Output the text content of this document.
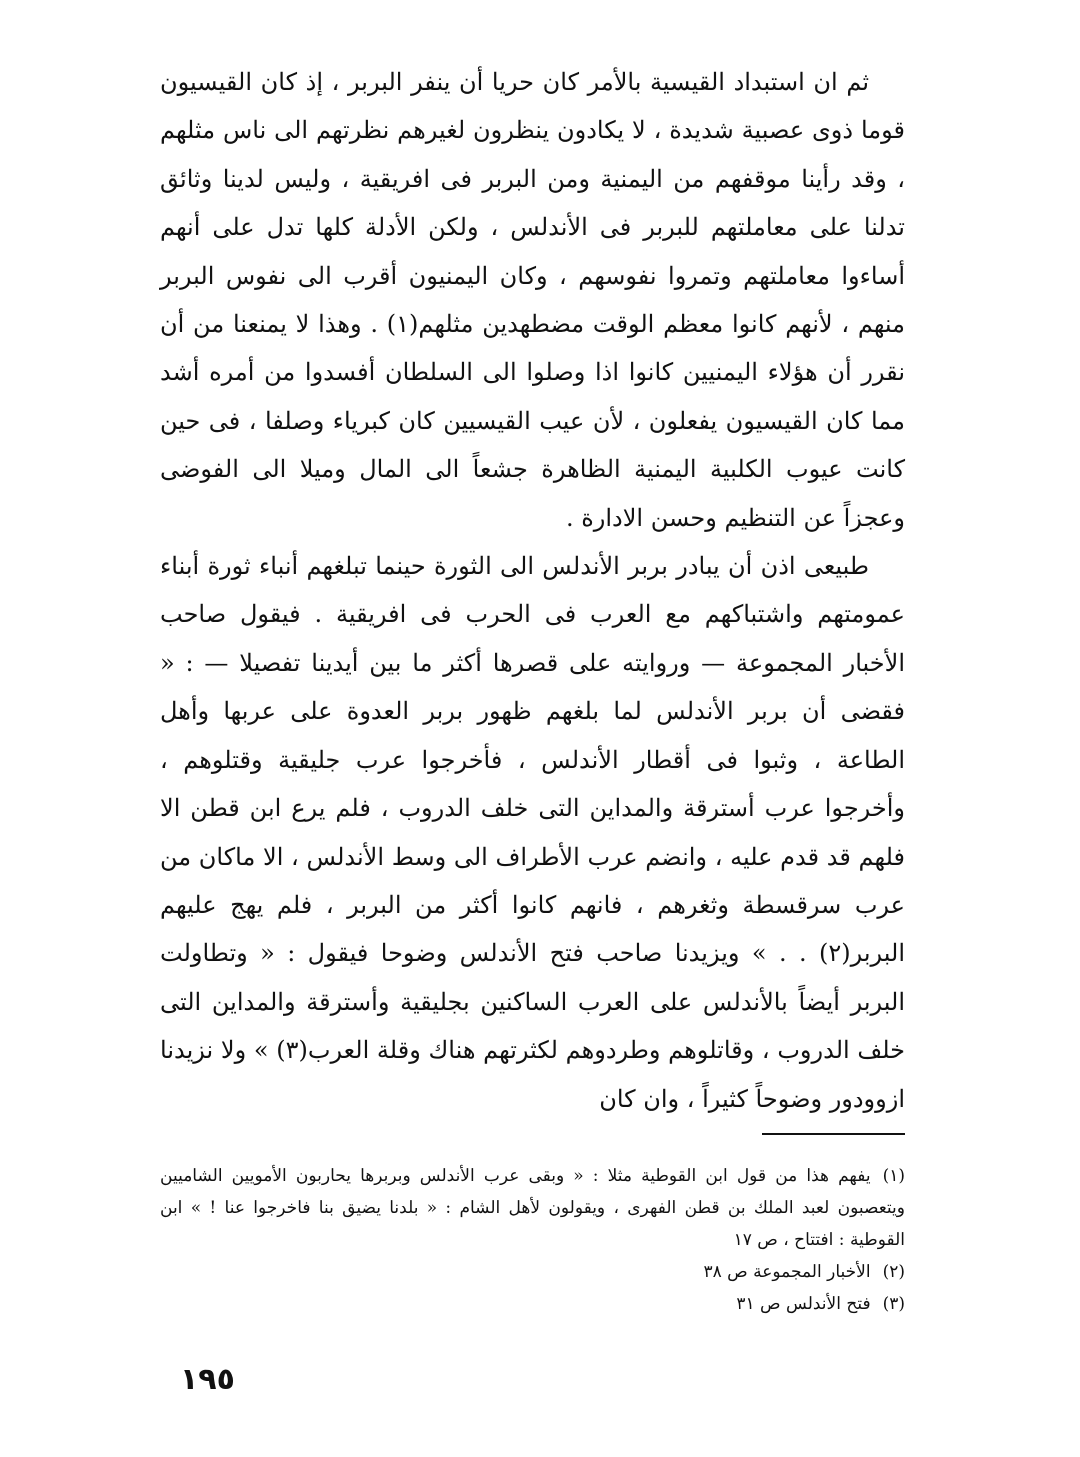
ثم ان استبداد القيسية بالأمر كان حريا أن ينفر البربر ، إذ كان القيسيون قوما ذوى عصبية شديدة ، لا يكادون ينظرون لغيرهم نظرتهم الى ناس مثلهم ، وقد رأينا موقفهم من اليمنية ومن البربر فى افريقية ، وليس لدينا وثائق تدلنا على معاملتهم للبربر فى الأندلس ، ولكن الأدلة كلها تدل على أنهم أساءوا معاملتهم وتمروا نفوسهم ، وكان اليمنيون أقرب الى نفوس البربر منهم ، لأنهم كانوا معظم الوقت مضطهدين مثلهم(١) . وهذا لا يمنعنا من أن نقرر أن هؤلاء اليمنيين كانوا اذا وصلوا الى السلطان أفسدوا من أمره أشد مما كان القيسيون يفعلون ، لأن عيب القيسيين كان كبرياء وصلفا ، فى حين كانت عيوب الكلبية اليمنية الظاهرة جشعاً الى المال وميلا الى الفوضى وعجزاً عن التنظيم وحسن الادارة .

طبيعى اذن أن يبادر بربر الأندلس الى الثورة حينما تبلغهم أنباء ثورة أبناء عمومتهم واشتباكهم مع العرب فى الحرب فى افريقية . فيقول صاحب الأخبار المجموعة — وروايته على قصرها أكثر ما بين أيدينا تفصيلا — : « فقضى أن بربر الأندلس لما بلغهم ظهور بربر العدوة على عربها وأهل الطاعة ، وثبوا فى أقطار الأندلس ، فأخرجوا عرب جليقية وقتلوهم ، وأخرجوا عرب أسترقة والمداين التى خلف الدروب ، فلم يرع ابن قطن الا فلهم قد قدم عليه ، وانضم عرب الأطراف الى وسط الأندلس ، الا ماكان من عرب سرقسطة وثغرهم ، فانهم كانوا أكثر من البربر ، فلم يهج عليهم البربر(٢) . . » ويزيدنا صاحب فتح الأندلس وضوحا فيقول : « وتطاولت البربر أيضاً بالأندلس على العرب الساكنين بجليقية وأسترقة والمداين التى خلف الدروب ، وقاتلوهم وطردوهم لكثرتهم هناك وقلة العرب(٣) » ولا نزيدنا ازوودور وضوحاً كثيراً ، وان كان

(١)يفهم هذا من قول ابن القوطية مثلا : « وبقى عرب الأندلس وبربرها يحاربون الأمويين الشاميين ويتعصبون لعبد الملك بن قطن الفهرى ، ويقولون لأهل الشام : « بلدنا يضيق بنا فاخرجوا عنا ! » ابن القوطية : افتتاح ، ص ١٧

(٢)الأخبار المجموعة ص ٣٨

(٣)فتح الأندلس ص ٣١

١٩٥
